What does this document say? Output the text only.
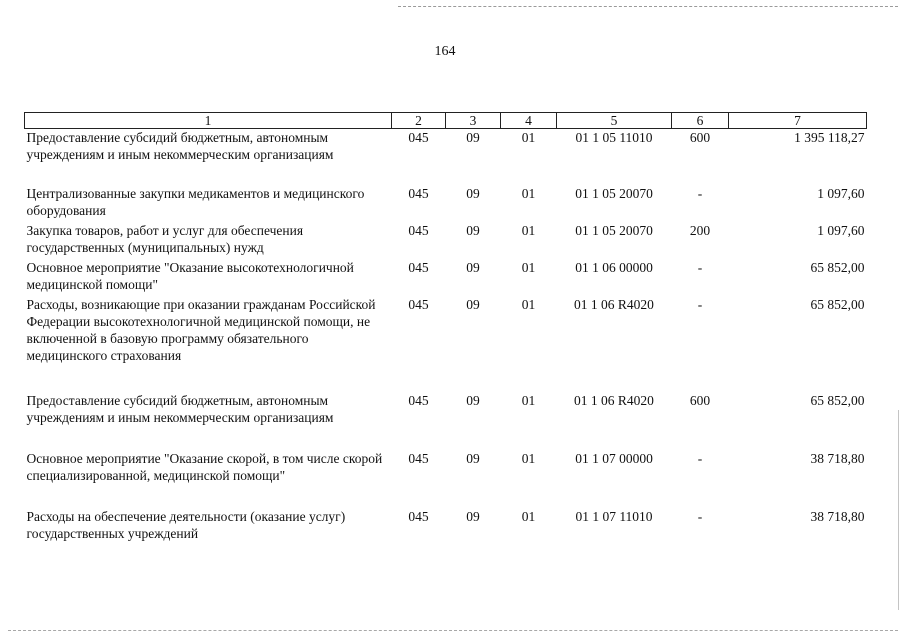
164
1	2	3	4	5	6	7
Предоставление субсидий бюджетным, автономным учреждениям и иным некоммерческим организациям	045	09	01	01 1 05 11010	600	1 395 118,27
Централизованные закупки медикаментов и медицинского оборудования	045	09	01	01 1 05 20070	-	1 097,60
Закупка товаров, работ и услуг для обеспечения государственных (муниципальных) нужд	045	09	01	01 1 05 20070	200	1 097,60
Основное мероприятие "Оказание высокотехнологичной медицинской помощи"	045	09	01	01 1 06 00000	-	65 852,00
Расходы, возникающие при оказании гражданам Российской Федерации высокотехнологичной медицинской помощи, не включенной в базовую программу обязательного медицинского страхования	045	09	01	01 1 06 R4020	-	65 852,00
Предоставление субсидий бюджетным, автономным учреждениям и иным некоммерческим организациям	045	09	01	01 1 06 R4020	600	65 852,00
Основное мероприятие "Оказание скорой, в том числе скорой специализированной, медицинской помощи"	045	09	01	01 1 07 00000	-	38 718,80
Расходы на обеспечение деятельности (оказание услуг) государственных учреждений	045	09	01	01 1 07 11010	-	38 718,80
